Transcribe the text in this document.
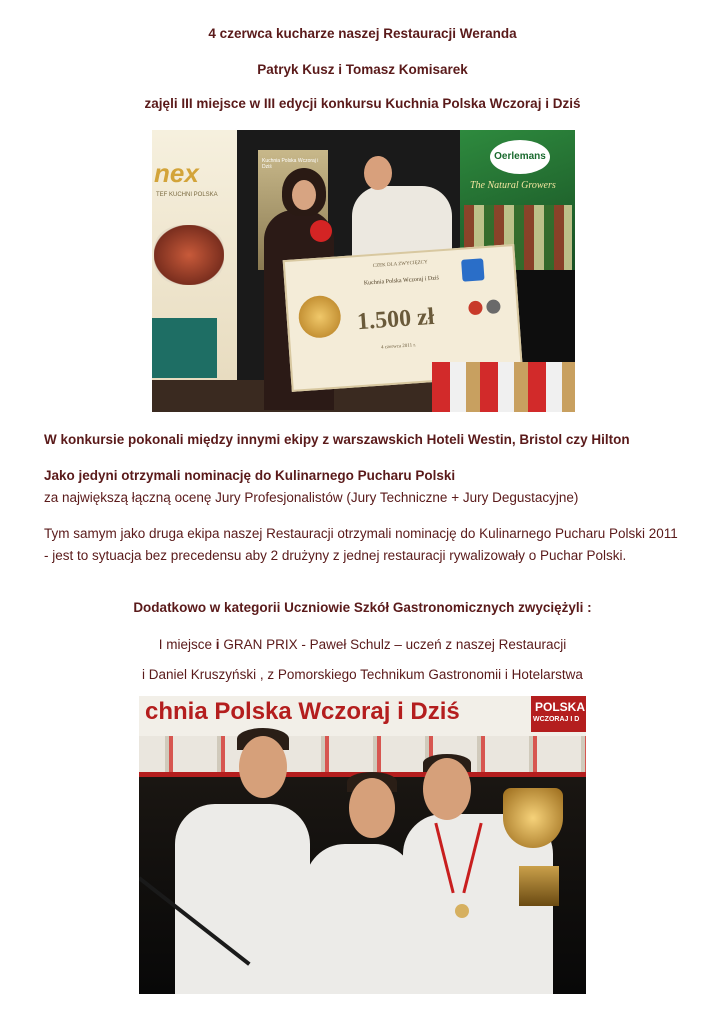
4 czerwca kucharze naszej Restauracji Weranda
Patryk Kusz i Tomasz Komisarek
zajęli III miejsce w III edycji konkursu Kuchnia Polska Wczoraj i Dziś
nex
TEF KUCHNI POLSKA
Kuchnia Polska Wczoraj i Dziś
Oerlemans
The Natural Growers
CZEK DLA ZWYCIĘZCY
Kuchnia Polska Wczoraj i Dziś
1.500 zł
4 czerwca 2011 r.
W konkursie pokonali między innymi ekipy z warszawskich Hoteli Westin, Bristol czy Hilton
Jako jedyni otrzymali nominację do Kulinarnego Pucharu Polski
za największą łączną ocenę Jury Profesjonalistów (Jury Techniczne + Jury Degustacyjne)
Tym samym jako druga ekipa naszej Restauracji otrzymali nominację do Kulinarnego Pucharu Polski 2011
- jest to sytuacja bez precedensu aby 2 drużyny z jednej restauracji rywalizowały o Puchar Polski.
Dodatkowo w kategorii Uczniowie Szkół Gastronomicznych zwyciężyli :
I miejsce i GRAN PRIX - Paweł Schulz – uczeń z naszej Restauracji
i Daniel Kruszyński , z Pomorskiego Technikum Gastronomii i Hotelarstwa
chnia Polska Wczoraj i Dziś	POLSKA
WCZORAJ I D
